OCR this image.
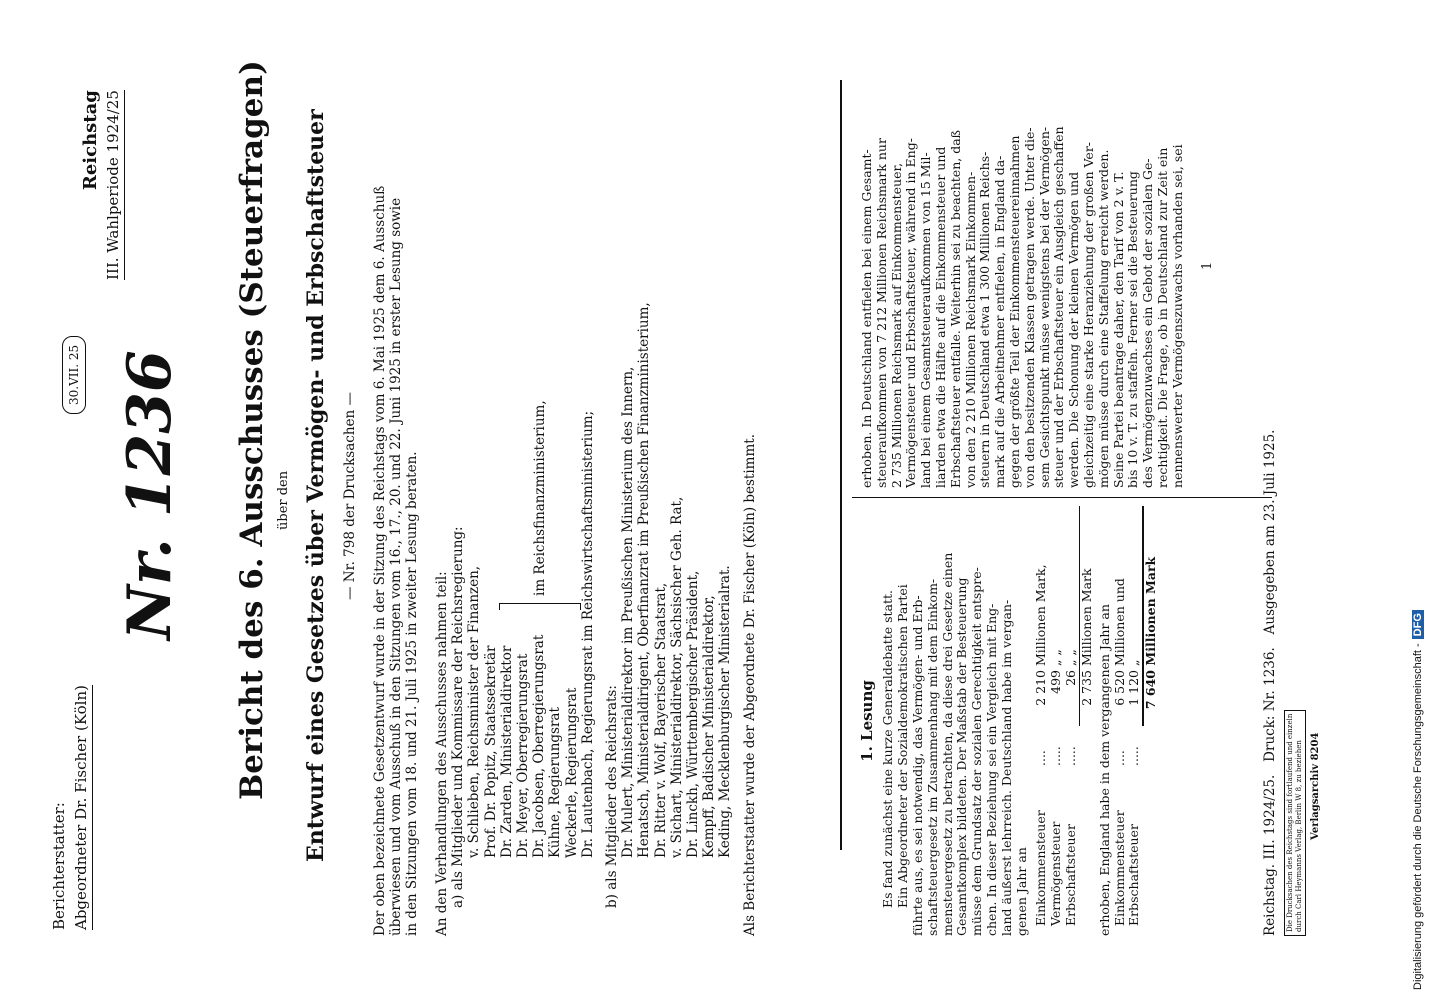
Berichterstatter: Abgeordneter Dr. Fischer (Köln)
Nr. 1236
30.VII. 25
Reichstag III. Wahlperiode 1924/25	Bericht des 6. Ausschusses (Steuerfragen) über den Entwurf eines Gesetzes über Vermögen- und Erbschaftsteuer — Nr. 798 der Drucksachen — Der oben bezeichnete Gesetzentwurf wurde in der Sitzung des Reichstags vom 6. Mai 1925 dem 6. Ausschuß überwiesen und vom Ausschuß in den Sitzungen vom 16., 17., 20. und 22. Juni 1925 in erster Lesung sowie in den Sitzungen vom 18. und 21. Juli 1925 in zweiter Lesung beraten. An den Verhandlungen des Ausschusses nahmen teil: a) als Mitglieder und Kommissare der Reichsregierung: v. Schlieben, Reichsminister der Finanzen, Prof. Dr. Popitz, Staatssekretär Dr. Zarden, Ministerialdirektor Dr. Meyer, Oberregierungsrat Dr. Jacobsen, Oberregierungsrat Kühne, Regierungsrat Weckerle, Regierungsrat Dr. Lautenbach, Regierungsrat im Reichswirtschaftsministerium; b) als Mitglieder des Reichsrats: Dr. Mulert, Ministerialdirektor im Preußischen Ministerium des Innern, Henatsch, Ministerialdirigent, Oberfinanzrat im Preußischen Finanzministerium, Dr. Ritter v. Wolf, Bayerischer Staatsrat, v. Sichart, Ministerialdirektor, Sächsischer Geh. Rat, Dr. Linckh, Württembergischer Präsident, Kempff, Badischer Ministerialdirektor, Keding, Mecklenburgischer Ministerialrat. Als Berichterstatter wurde der Abgeordnete Dr. Fischer (Köln) bestimmt.

im Reichsfinanzministerium,

1. Lesung Es fand zunächst eine kurze Generaldebatte statt. Ein Abgeordneter der Sozialdemokratischen Partei führte aus, es sei notwendig, das Vermögen- und Erb- schaftsteuergesetz im Zusammenhang mit dem Einkom- mensteuergesetz zu betrachten, da diese drei Gesetze einen Gesamtkomplex bildeten. Der Maßstab der Besteuerung müsse dem Grundsatz der sozialen Gerechtigkeit entspre- chen. In dieser Beziehung sei ein Vergleich mit Eng- land äußerst lehrreich. Deutschland habe im vergan- genen Jahr an Einkommensteuer....2 210 Millionen Mark,

Vermögensteuer.....499 „ „

Erbschaftsteuer.....26 „ „

2 735 Millionen Mark erhoben, England habe in dem vergangenen Jahr an Einkommensteuer....6 520 Millionen und

Erbschaftsteuer.....1 120 „

7 640 Millionen Mark

erhoben. In Deutschland entfielen bei einem Gesamt- steueraufkommen von 7 212 Millionen Reichsmark nur 2 735 Millionen Reichsmark auf Einkommensteuer, Vermögensteuer und Erbschaftsteuer, während in Eng- land bei einem Gesamtsteueraufkommen von 15 Mil- liarden etwa die Hälfte auf die Einkommensteuer und Erbschaftsteuer entfalle. Weiterhin sei zu beachten, daß von den 2 210 Millionen Reichsmark Einkommen- steuern in Deutschland etwa 1 300 Millionen Reichs- mark auf die Arbeitnehmer entfielen, in England da- gegen der größte Teil der Einkommensteuereinnahmen von den besitzenden Klassen getragen werde. Unter die- sem Gesichtspunkt müsse wenigstens bei der Vermögen- steuer und der Erbschaftsteuer ein Ausgleich geschaffen werden. Die Schonung der kleinen Vermögen und gleichzeitig eine starke Heranziehung der großen Ver- mögen müsse durch eine Staffelung erreicht werden. Seine Partei beantrage daher, den Tarif von 2 v. T. bis 10 v. T. zu staffeln. Ferner sei die Besteuerung des Vermögenzuwachses ein Gebot der sozialen Ge- rechtigkeit. Die Frage, ob in Deutschland zur Zeit ein nennenswerter Vermögenszuwachs vorhanden sei, sei 1
Reichstag. III. 1924/25.   Druck: Nr. 1236.   Ausgegeben am 23. Juli 1925.
Die Drucksachen des Reichstags sind fortlaufend und einzeln durch Carl Heymanns Verlag, Berlin W 8, zu beziehen Verlagsarchiv 8204	Digitalisierung gefördert durch die Deutsche Forschungsgemeinschaft -DFG
